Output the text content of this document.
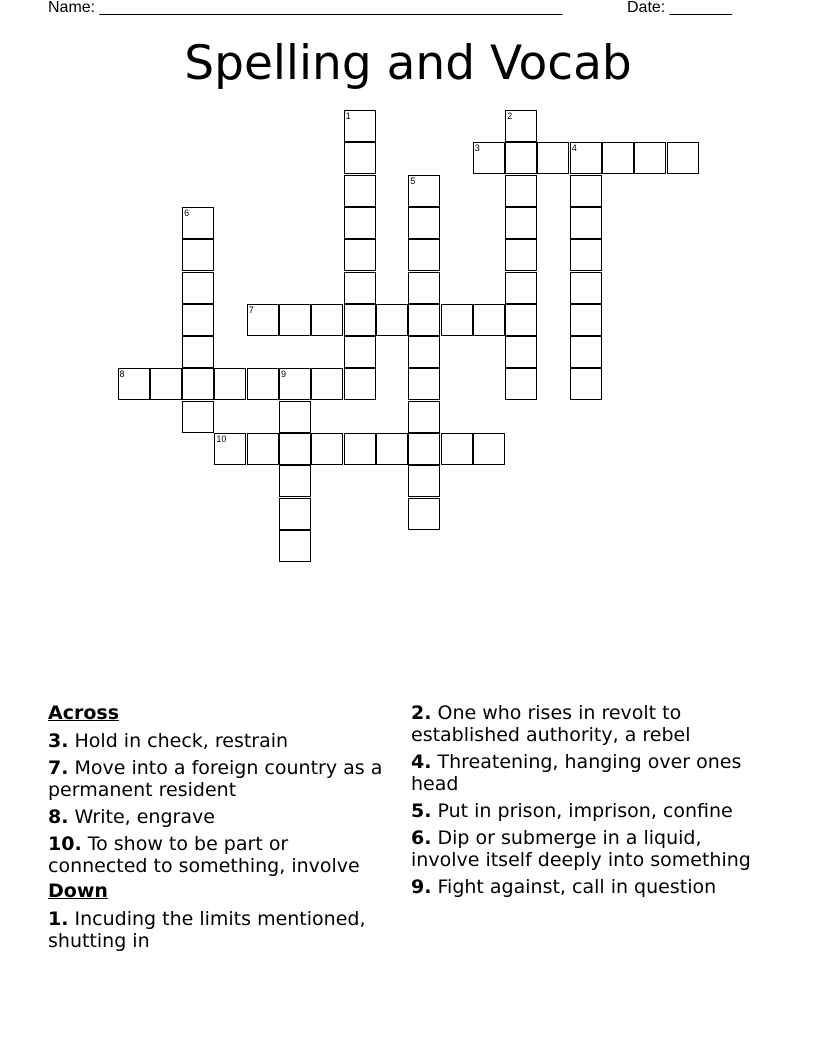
Name: ____________________________________________________	Date: _______
Spelling and Vocab
1	2
3	4
5
6
7
8	9
10
Across
3. Hold in check, restrain
7. Move into a foreign country as a permanent resident
8. Write, engrave
10. To show to be part or connected to something, involve
Down
1. Incuding the limits mentioned, shutting in
2. One who rises in revolt to established authority, a rebel
4. Threatening, hanging over ones head
5. Put in prison, imprison, confine
6. Dip or submerge in a liquid, involve itself deeply into something
9. Fight against, call in question
